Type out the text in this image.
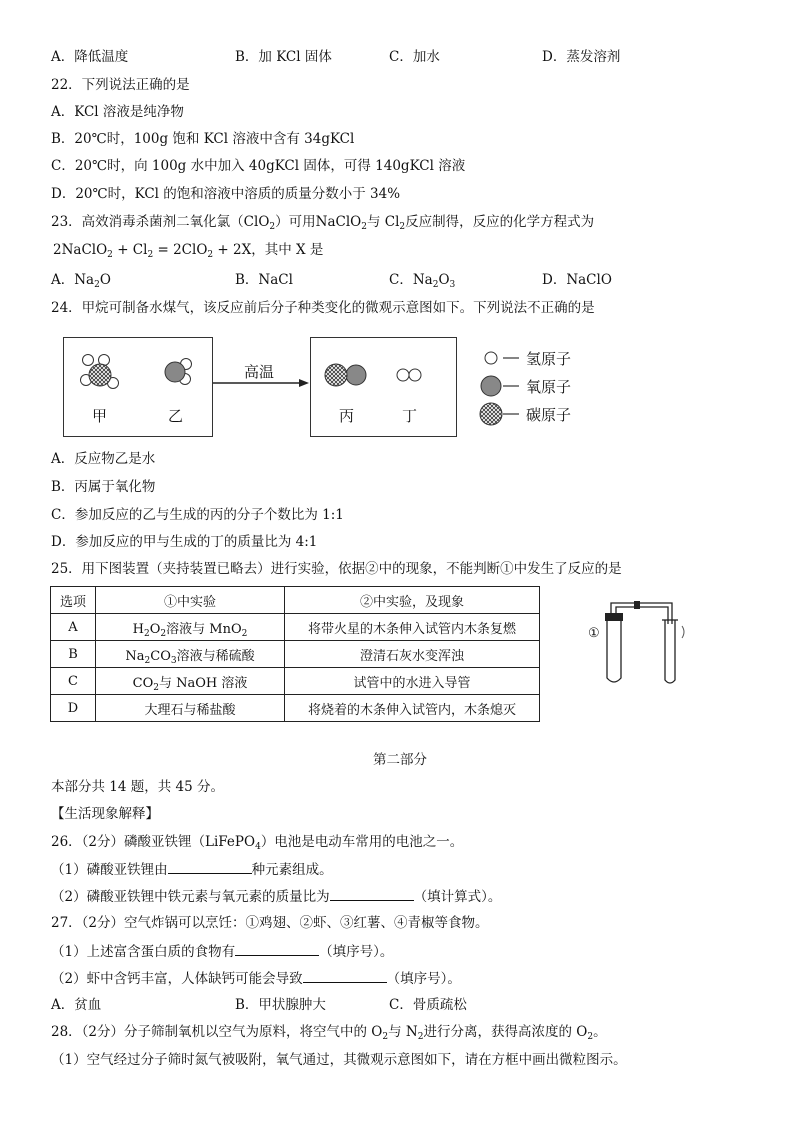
A．降低温度	B．加 KCl 固体	C．加水	D．蒸发溶剂
22．下列说法正确的是
A．KCl 溶液是纯净物
B．20℃时，100g 饱和 KCl 溶液中含有 34gKCl
C．20℃时，向 100g 水中加入 40gKCl 固体，可得 140gKCl 溶液
D．20℃时，KCl 的饱和溶液中溶质的质量分数小于 34%
23．高效消毒杀菌剂二氧化氯（ClO$_2$）可用NaClO$_2$与 $Cl_2$反应制得，反应的化学方程式为
2NaClO$_2$ + $Cl_2 = 2ClO_2 + 2X$，其中 X 是
A．$Na_2O$	B．NaCl	C．$Na_2O_3$	D．NaClO
24．甲烷可制备水煤气，该反应前后分子种类变化的微观示意图如下。下列说法不正确的是
甲	乙
高温
丙	丁
氢原子
氧原子
碳原子
A．反应物乙是水
B．丙属于氧化物
C．参加反应的乙与生成的丙的分子个数比为 1:1
D．参加反应的甲与生成的丁的质量比为 4:1
25．用下图装置（夹持装置已略去）进行实验，依据②中的现象，不能判断①中发生了反应的是
选项	①中实验	②中实验，及现象
A	$H_2O_2$溶液与 MnO$_2$	将带火星的木条伸入试管内木条复燃
B	$Na_2CO_3$溶液与稀硫酸	澄清石灰水变浑浊
C	$CO_2$与 NaOH 溶液	试管中的水进入导管
D	大理石与稀盐酸	将烧着的木条伸入试管内，木条熄灭
①
第二部分
本部分共 14 题，共 45 分。
【生活现象解释】
26．（2分）磷酸亚铁锂（LiFePO$_4$）电池是电动车常用的电池之一。
（1）磷酸亚铁锂由	种元素组成。
（2）磷酸亚铁锂中铁元素与氧元素的质量比为	（填计算式）。
27．（2分）空气炸锅可以烹饪：①鸡翅、②虾、③红薯、④青椒等食物。
（1）上述富含蛋白质的食物有	（填序号）。
（2）虾中含钙丰富，人体缺钙可能会导致	（填序号）。
A．贫血	B．甲状腺肿大	C．骨质疏松
28．（2分）分子筛制氧机以空气为原料，将空气中的 $O_2$与 $N_2$进行分离，获得高浓度的 $O_2$。
（1）空气经过分子筛时氮气被吸附，氧气通过，其微观示意图如下，请在方框中画出微粒图示。
